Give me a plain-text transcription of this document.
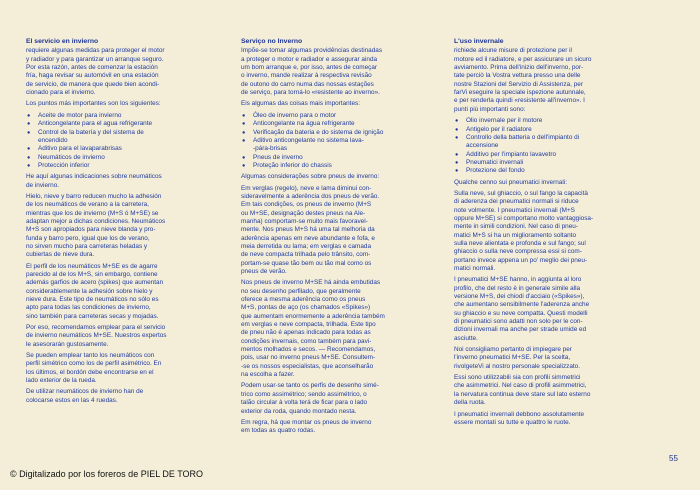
El servicio en invierno

requiere algunas medidas para proteger el motor
y radiador y para garantizar un arranque seguro.
Por esta razón, antes de comenzar la estación
fría, haga revisar su automóvil en una estación
de servicio, de manera que quede bien acondi-
cionado para el invierno.

Los puntos más importantes son los siguientes:

● Aceite de motor para invierno
● Anticongelante para el agua refrigerante
● Control de la batería y del sistema de
encendido
● Aditivo para el lavaparabrisas
● Neumáticos de invierno
● Protección inferior

He aquí algunas indicaciones sobre neumáticos
de invierno.

Hielo, nieve y barro reducen mucho la adhesión
de los neumáticos de verano a la carretera,
mientras que los de invierno (M+S ó M+SE) se
adaptan mejor a dichas condiciones. Neumáticos
M+S son apropiados para nieve blanda y pro-
funda y barro pero, igual que los de verano,
no sirven mucho para carreteras heladas y
cubiertas de nieve dura.

El perfil de los neumáticos M+SE es de agarre
parecido al de los M+S, sin embargo, contiene
además garfios de acero (spikes) que aumentan
considerablemente la adhesión sobre hielo y
nieve dura. Este tipo de neumáticos no sólo es
apto para todas las condiciones de invierno,
sino también para carreteras secas y mojadas.

Por eso, recomendamos emplear para el servicio
de invierno neumáticos M+SE. Nuestros expertos
le asesorarán gustosamente.

Se pueden emplear tanto los neumáticos con
perfil simétrico como los de perfil asimétrico. En
los últimos, el bordón debe encontrarse en el
lado exterior de la rueda.

De utilizar neumáticos de invierno han de
colocarse estos en las 4 ruedas.

Serviço no Inverno

Impõe-se tomar algumas providências destinadas
a proteger o motor e radiador e assegurar ainda
um bom arranque e, por isso, antes de começar
o inverno, mande realizar à respectiva revisão
de outono do carro numa das nossas estações
de serviço, para torná-lo «resistente ao inverno».

Eis algumas das coisas mais importantes:

● Óleo de inverno para o motor
● Anticongelante na água refrigerante
● Verificação da bateria e do sistema de ignição
● Aditivo anticongelante no sistema lava-
-pára-brisas
● Pneus de inverno
● Proteção inferior do chassis

Algumas considerações sobre pneus de inverno:

Em verglas (regelo), neve e lama diminui con-
sideravelmente a aderência dos pneus de verão.
Em tais condições, os pneus de inverno (M+S
ou M+SE, designação destes pneus na Ale-
manha) comportam-se muito mais favoravel-
mente. Nos pneus M+S há uma tal melhoria da
aderência apenas em neve abundante e fofa, e
meia derretida ou lama; em verglas e camada
de neve compacta trilhada pelo trânsito, com-
portam-se quase tão bem ou tão mal como os
pneus de verão.

Nos pneus de inverno M+SE há ainda embutidas
no seu desenho perfilado, que geralmente
oferece a mesma aderência como os pneus
M+S, pontas de aço (os chamados «Spikes»)
que aumentam enormemente a aderência também
em verglas e neve compacta, trilhada. Este tipo
de pneu não é apenas indicado para todas as
condições invernais, como também para pavi-
mentos molhados e secos. — Recomendamos,
pois, usar no inverno pneus M+SE. Consultem-
-se os nossos especialistas, que aconselharão
na escolha a fazer.

Podem usar-se tanto os perfis de desenho simé-
trico como assimétrico; sendo assimétrico, o
talão circular à volta terá de ficar para o lado
exterior da roda, quando montado nesta.

Em regra, há que montar os pneus de inverno
em todas as quatro rodas.

L'uso invernale

richiede alcune misure di protezione per il
motore ed il radiatore, e per assicurare un sicuro
avviamento. Prima dell'inizio dell'inverno, por-
tate perciò la Vostra vettura presso una delle
nostre Stazioni del Servizio di Assistenza, per
farVi eseguire la speciale ispezione autunnale,
e per renderla quindi «resistente all'inverno». I
punti più importanti sono:

● Olio invernale per il motore
● Antigelo per il radiatore
● Controllo della batteria o dell'impianto di
accensione
● Additivo per l'impianto lavavetro
● Pneumatici invernali
● Protezione del fondo

Qualche cenno sui pneumatici invernali:

Sulla neve, sul ghiaccio, o sul fango la capacità
di aderenza dei pneumatici normali si riduce
note volmente. I pneumatici invernali (M+S
oppure M+SE) si comportano molto vantaggiosa-
mente in simili condizioni. Nel caso di pneu-
matici M+S si ha un miglioramento soltanto
sulla neve alientata e profonda e sul fango; sul
ghiaccio o sulla neve compressa essi si com-
portano invece appena un po' meglio dei pneu-
matici normali.

I pneumatici M+SE hanno, in aggiunta al loro
profilo, che del resto è in generale simile alla
versione M+S, dei chiodi d'acciaio («Spikes»),
che aumentano sensibilmente l'aderenza anche
su ghiaccio e su neve compatta. Questi modelli
di pneumatici sono adatti non solo per le con-
dizioni invernali ma anche per strade umide ed
asciutte.

Noi consigliamo pertanto di impiegare per
l'inverno pneumatici M+SE. Per la scelta,
rivolgeteVi al nostro personale specializzato.

Essi sono utilizzabili sia con profili simmetrici
che asimmetrici. Nel caso di profili asimmetrici,
la nervatura continua deve stare sul lato esterno
della ruota.

I pneumatici invernali debbono assolutamente
essere montati su tutte e quattro le ruote.

55
© Digitalizado por los foreros de PIEL DE TORO
